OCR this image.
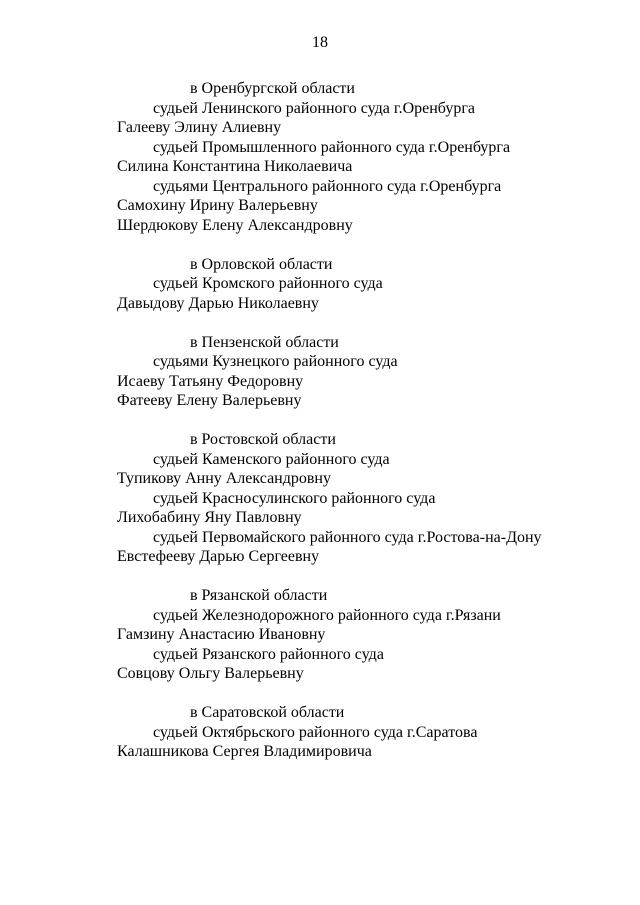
18
в Оренбургской области
судьей Ленинского районного суда г.Оренбурга
Галееву Элину Алиевну
судьей Промышленного районного суда г.Оренбурга
Силина Константина Николаевича
судьями Центрального районного суда г.Оренбурга
Самохину Ирину Валерьевну
Шердюкову Елену Александровну
в Орловской области
судьей Кромского районного суда
Давыдову Дарью Николаевну
в Пензенской области
судьями Кузнецкого районного суда
Исаеву Татьяну Федоровну
Фатееву Елену Валерьевну
в Ростовской области
судьей Каменского районного суда
Тупикову Анну Александровну
судьей Красносулинского районного суда
Лихобабину Яну Павловну
судьей Первомайского районного суда г.Ростова-на-Дону
Евстефееву Дарью Сергеевну
в Рязанской области
судьей Железнодорожного районного суда г.Рязани
Гамзину Анастасию Ивановну
судьей Рязанского районного суда
Совцову Ольгу Валерьевну
в Саратовской области
судьей Октябрьского районного суда г.Саратова
Калашникова Сергея Владимировича
